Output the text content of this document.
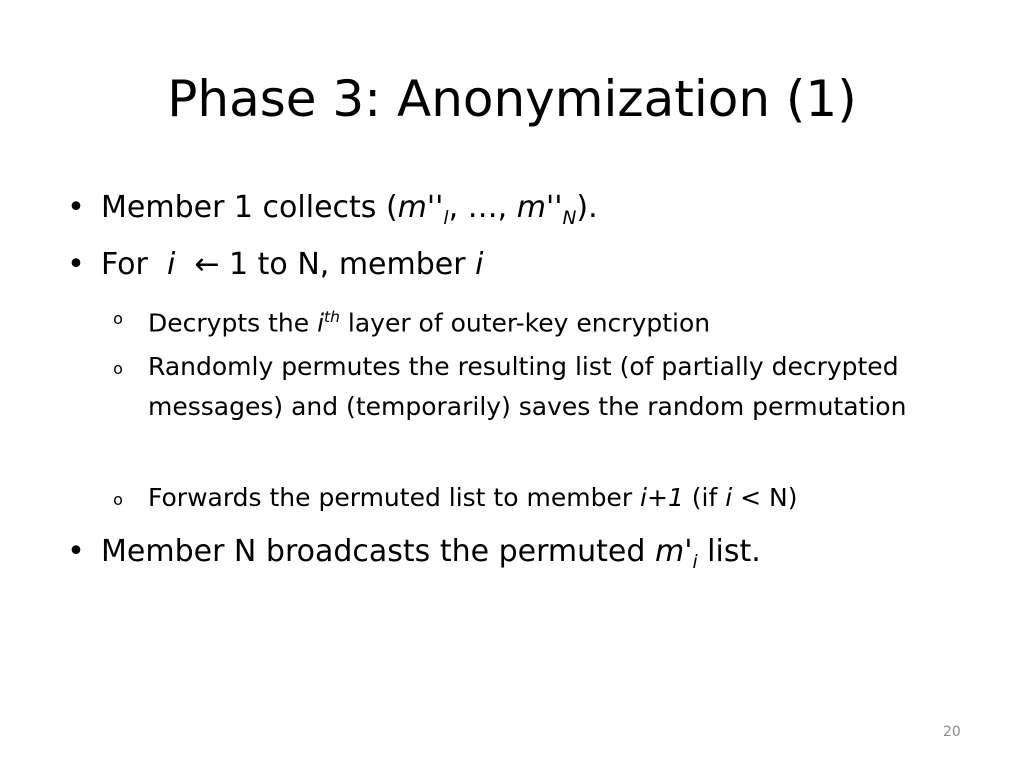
Phase 3: Anonymization (1)
• Member 1 collects ($m''_l$, …, $m''_N$).
• For  i  ← 1 to N, member i
o Decrypts the $i^{th}$ layer of outer-key encryption
o Randomly permutes the resulting list (of partially decrypted messages) and (temporarily) saves the random permutation
o Forwards the permuted list to member i+1 (if i < N)
• Member N broadcasts the permuted $m'_i$ list.
20
